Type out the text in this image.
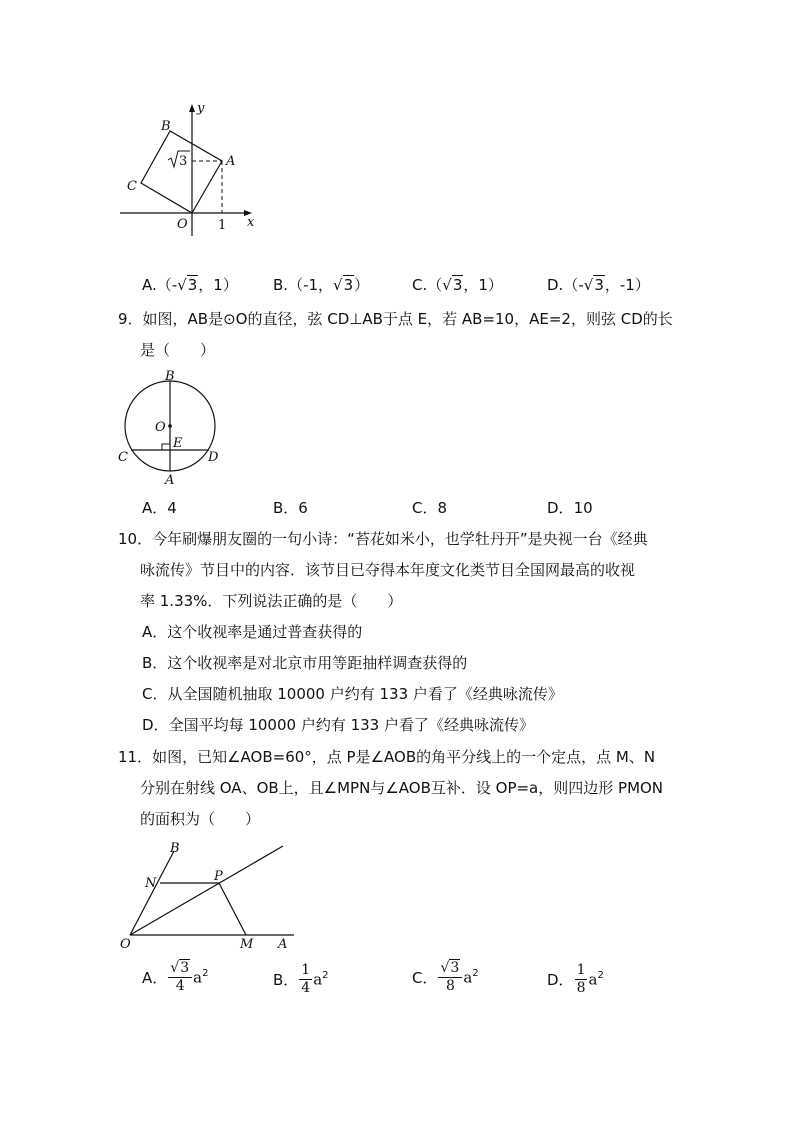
y
x
B
C
A
O 1
3
A.（-√3，1） B.（-1，√3）	C.（√3，1）	D.（-√3，-1）
9．如图，AB是⊙O的直径，弦 CD⊥AB于点 E，若 AB=10，AE=2，则弦 CD的长
是（　　）
B
O
E
C	D
A
A．4	B．6	C．8	D．10
10．今年刷爆朋友圈的一句小诗：“苔花如米小，也学牡丹开”是央视一台《经典
咏流传》节目中的内容．该节目已夺得本年度文化类节目全国网最高的收视
率 1.33%．下列说法正确的是（　　）
A．这个收视率是通过普查获得的
B．这个收视率是对北京市用等距抽样调查获得的
C．从全国随机抽取 10000 户约有 133 户看了《经典咏流传》
D．全国平均每 10000 户约有 133 户看了《经典咏流传》
11．如图，已知∠AOB=60°，点 P是∠AOB的角平分线上的一个定点，点 M、N
分别在射线 OA、OB上，且∠MPN与∠AOB互补．设 OP=a，则四边形 PMON
的面积为（　　）
B
N	P
O	M A
A． $\frac{√3}{4} a^2$	B． $\frac{1}{4} a^2$	C． $\frac{√3}{8} a^2$	D． $\frac{1}{8} a^2$
